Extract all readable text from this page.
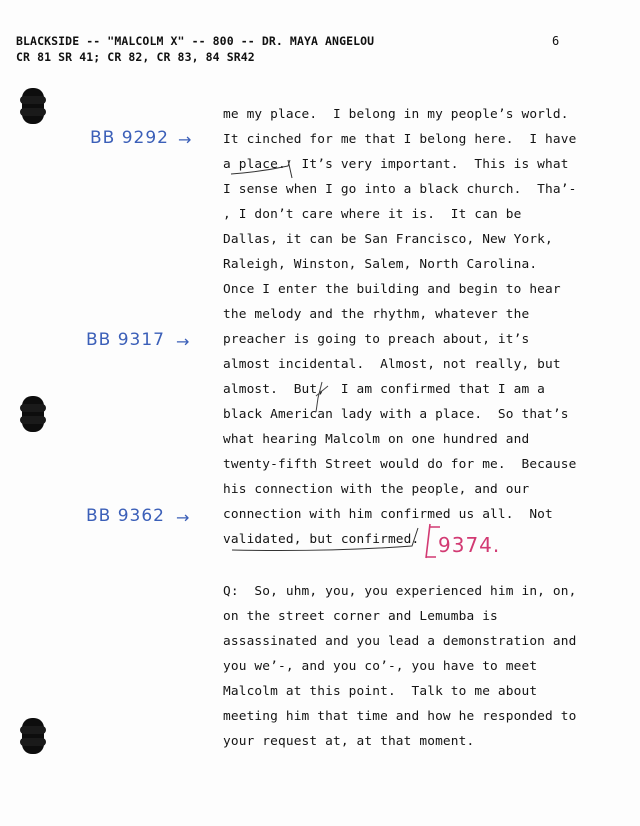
BLACKSIDE -- "MALCOLM X" -- 800 -- DR. MAYA ANGELOU
CR 81 SR 41; CR 82, CR 83, 84 SR42
6
me my place.  I belong in my people’s world.
It cinched for me that I belong here.  I have
a place.  It’s very important.  This is what
I sense when I go into a black church.  Tha’-
, I don’t care where it is.  It can be
Dallas, it can be San Francisco, New York,
Raleigh, Winston, Salem, North Carolina.
Once I enter the building and begin to hear
the melody and the rhythm, whatever the
preacher is going to preach about, it’s
almost incidental.  Almost, not really, but
almost.  But,  I am confirmed that I am a
black American lady with a place.  So that’s
what hearing Malcolm on one hundred and
twenty-fifth Street would do for me.  Because
his connection with the people, and our
connection with him confirmed us all.  Not
validated, but confirmed.
Q:  So, uhm, you, you experienced him in, on,
on the street corner and Lemumba is
assassinated and you lead a demonstration and
you we’-, and you co’-, you have to meet
Malcolm at this point.  Talk to me about
meeting him that time and how he responded to
your request at, at that moment.
BB 9292 →
BB 9317 →
BB 9362 →
9374.
